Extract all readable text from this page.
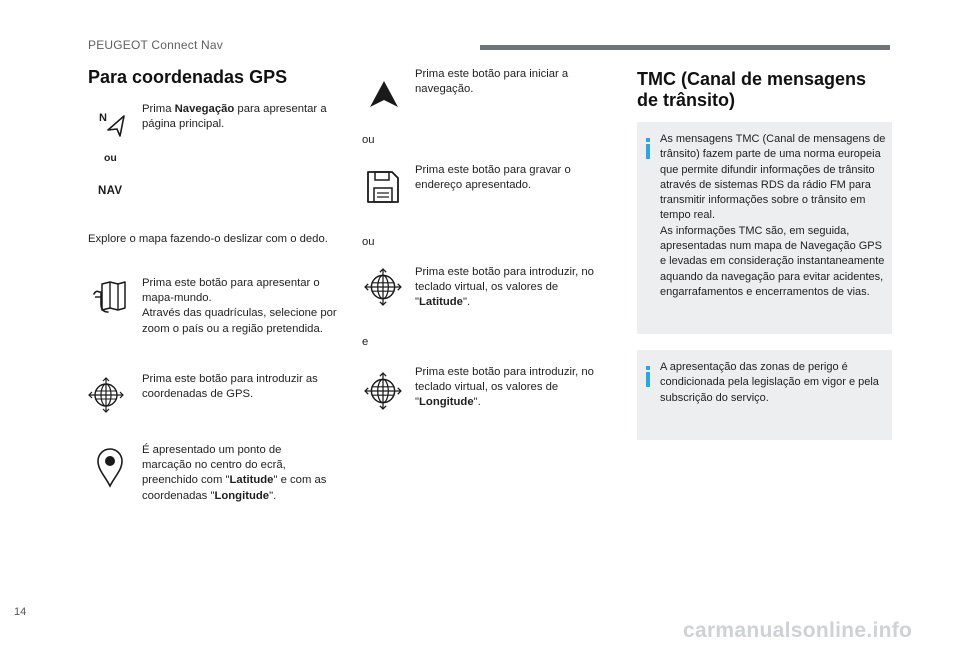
PEUGEOT Connect Nav
Para coordenadas GPS
N
ou
NAV
Prima Navegação para apresentar a página principal.
Explore o mapa fazendo-o deslizar com o dedo.
Prima este botão para apresentar o mapa-mundo.
Através das quadrículas, selecione por zoom o país ou a região pretendida.
Prima este botão para introduzir as coordenadas de GPS.
É apresentado um ponto de marcação no centro do ecrã, preenchido com "Latitude" e com as coordenadas "Longitude".
Prima este botão para iniciar a navegação.
ou
Prima este botão para gravar o endereço apresentado.
ou
Prima este botão para introduzir, no teclado virtual, os valores de "Latitude".
e
Prima este botão para introduzir, no teclado virtual, os valores de "Longitude".
TMC (Canal de mensagens de trânsito)
As mensagens TMC (Canal de mensagens de trânsito) fazem parte de uma norma europeia que permite difundir informações de trânsito através de sistemas RDS da rádio FM para transmitir informações sobre o trânsito em tempo real.
As informações TMC são, em seguida, apresentadas num mapa de Navegação GPS e levadas em consideração instantaneamente aquando da navegação para evitar acidentes, engarrafamentos e encerramentos de vias.
A apresentação das zonas de perigo é condicionada pela legislação em vigor e pela subscrição do serviço.
14
carmanualsonline.info
